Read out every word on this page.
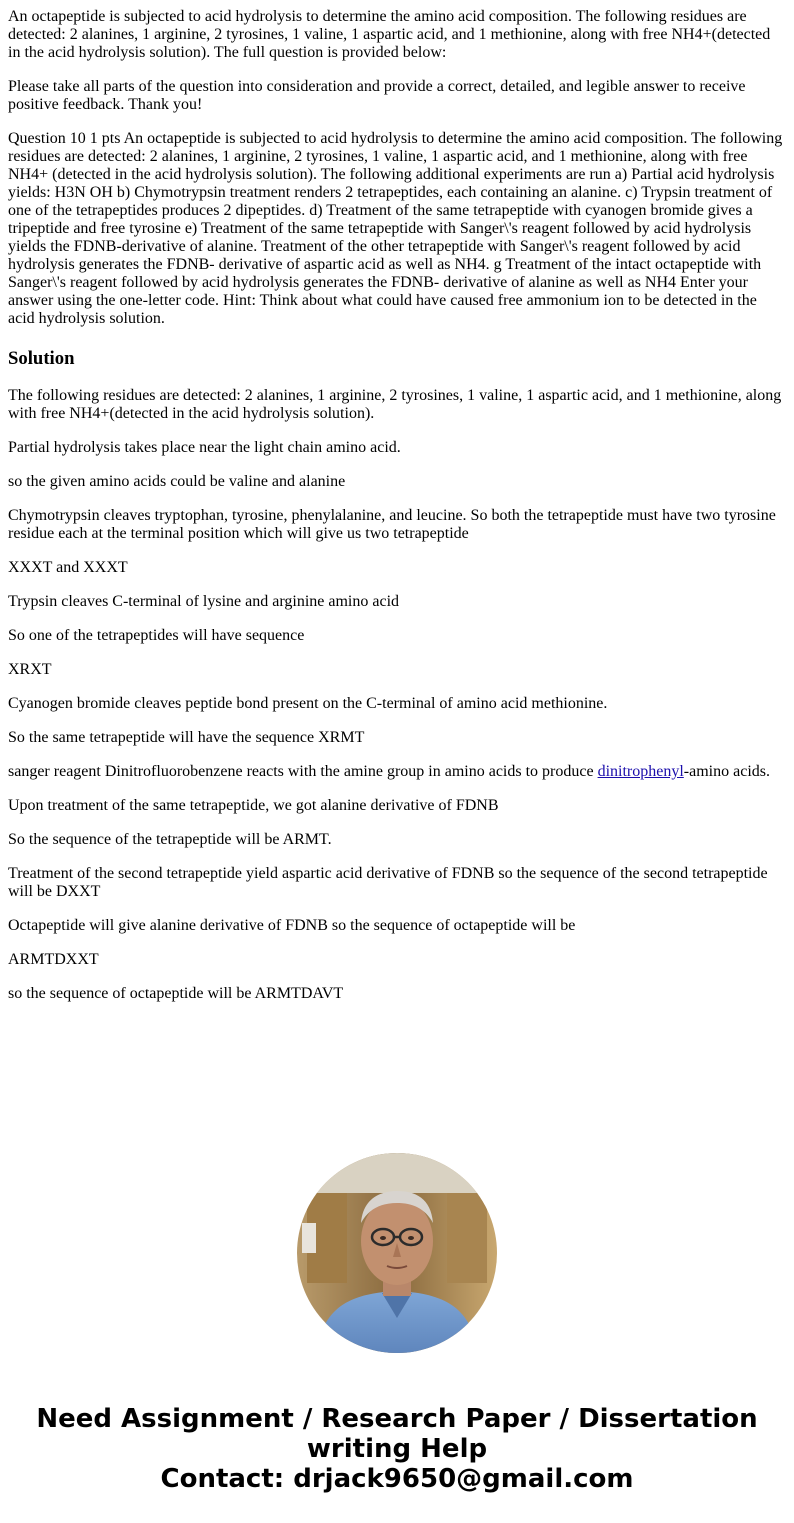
An octapeptide is subjected to acid hydrolysis to determine the amino acid composition. The following residues are detected: 2 alanines, 1 arginine, 2 tyrosines, 1 valine, 1 aspartic acid, and 1 methionine, along with free NH4+(detected in the acid hydrolysis solution). The full question is provided below:

Please take all parts of the question into consideration and provide a correct, detailed, and legible answer to receive positive feedback. Thank you!

Question 10 1 pts An octapeptide is subjected to acid hydrolysis to determine the amino acid composition. The following residues are detected: 2 alanines, 1 arginine, 2 tyrosines, 1 valine, 1 aspartic acid, and 1 methionine, along with free NH4+ (detected in the acid hydrolysis solution). The following additional experiments are run a) Partial acid hydrolysis yields: H3N OH b) Chymotrypsin treatment renders 2 tetrapeptides, each containing an alanine. c) Trypsin treatment of one of the tetrapeptides produces 2 dipeptides. d) Treatment of the same tetrapeptide with cyanogen bromide gives a tripeptide and free tyrosine e) Treatment of the same tetrapeptide with Sanger\'s reagent followed by acid hydrolysis yields the FDNB-derivative of alanine. Treatment of the other tetrapeptide with Sanger\'s reagent followed by acid hydrolysis generates the FDNB- derivative of aspartic acid as well as NH4. g Treatment of the intact octapeptide with Sanger\'s reagent followed by acid hydrolysis generates the FDNB- derivative of alanine as well as NH4 Enter your answer using the one-letter code. Hint: Think about what could have caused free ammonium ion to be detected in the acid hydrolysis solution.

Solution

The following residues are detected: 2 alanines, 1 arginine, 2 tyrosines, 1 valine, 1 aspartic acid, and 1 methionine, along with free NH4+(detected in the acid hydrolysis solution).

Partial hydrolysis takes place near the light chain amino acid.

so the given amino acids could be valine and alanine

Chymotrypsin cleaves tryptophan, tyrosine, phenylalanine, and leucine. So both the tetrapeptide must have two tyrosine residue each at the terminal position which will give us two tetrapeptide

XXXT and XXXT

Trypsin cleaves C-terminal of lysine and arginine amino acid

So one of the tetrapeptides will have sequence

XRXT

Cyanogen bromide cleaves peptide bond present on the C-terminal of amino acid methionine.

So the same tetrapeptide will have the sequence XRMT

sanger reagent Dinitrofluorobenzene reacts with the amine group in amino acids to produce dinitrophenyl-amino acids.

Upon treatment of the same tetrapeptide, we got alanine derivative of FDNB

So the sequence of the tetrapeptide will be ARMT.

Treatment of the second tetrapeptide yield aspartic acid derivative of FDNB so the sequence of the second tetrapeptide will be DXXT

Octapeptide will give alanine derivative of FDNB so the sequence of octapeptide will be

ARMTDXXT

so the sequence of octapeptide will be ARMTDAVT

Need Assignment / Research Paper / Dissertation
writing Help
Contact: drjack9650@gmail.com
